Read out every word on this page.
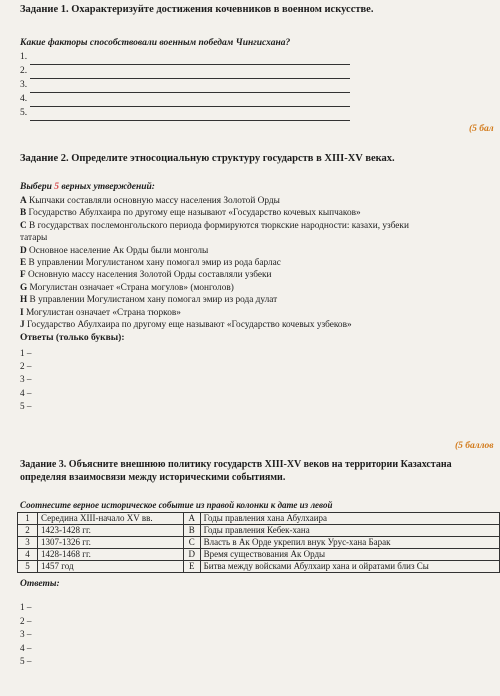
Задание 1. Охарактеризуйте достижения кочевников в военном искусстве.
Какие факторы способствовали военным победам Чингисхана?
1.
2.
3.
4.
5.
(5 бал
Задание 2. Определите этносоциальную структуру государств в XIII-XV веках.
Выбери 5 верных утверждений:
A Кыпчаки составляли основную массу населения Золотой Орды
B Государство Абулхаира по другому еще называют «Государство кочевых кыпчаков»
C В государствах послемонгольского периода формируются тюркские народности: казахи, узбеки
татары
D Основное население Ак Орды были монголы
E В управлении Могулистаном хану помогал эмир из рода барлас
F Основную массу населения Золотой Орды составляли узбеки
G Могулистан означает «Страна могулов» (монголов)
H В управлении Могулистаном хану помогал эмир из рода дулат
I Могулистан означает «Страна тюрков»
J Государство Абулхаира по другому еще называют «Государство кочевых узбеков»
Ответы (только буквы):
1 –
2 –
3 –
4 –
5 –
(5 баллов
Задание 3. Объясните внешнюю политику государств XIII-XV веков на территории Казахстана
определяя взаимосвязи между историческими событиями.
Соотнесите верное историческое событие из правой колонки к дате из левой
1	Середина XIII-начало XV вв.	A	Годы правления хана Абулхаира
2	1423-1428 гг.	B	Годы правления Кебек-хана
3	1307-1326 гг.	C	Власть в Ак Орде укрепил внук Урус-хана Барак
4	1428-1468 гг.	D	Время существования Ак Орды
5	1457 год	E	Битва между войсками Абулхаир хана и ойратами близ Сы
Ответы:
1 –
2 –
3 –
4 –
5 –
